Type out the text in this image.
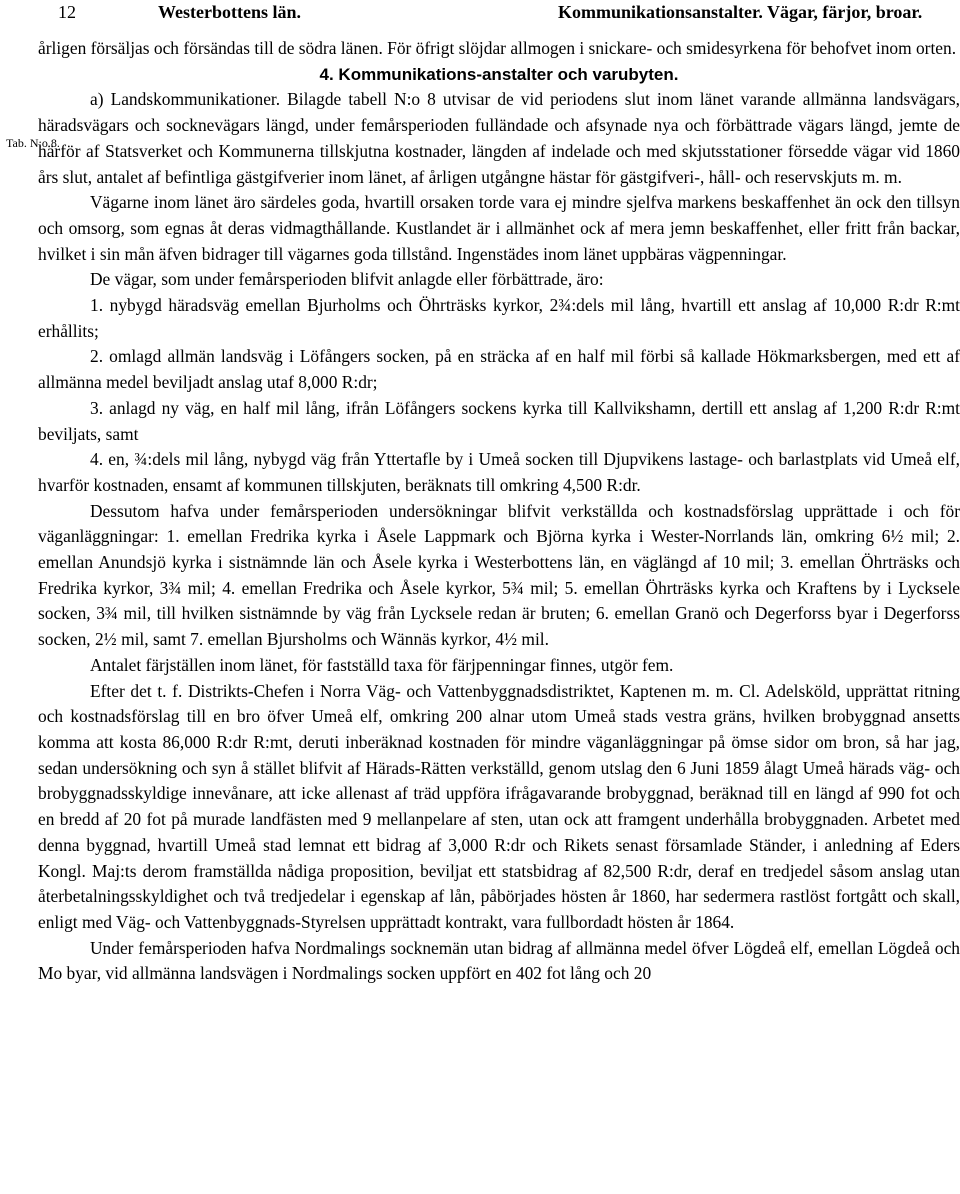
12	Westerbottens län.	Kommunikationsanstalter. Vägar, färjor, broar.
Tab. N:o 8.

årligen försäljas och försändas till de södra länen. För öfrigt slöjdar allmogen i snickare- och smidesyrkena för behofvet inom orten.

4. Kommunikations-anstalter och varubyten.

a) Landskommunikationer. Bilagde tabell N:o 8 utvisar de vid periodens slut inom länet varande allmänna landsvägars, häradsvägars och socknevägars längd, under femårsperioden fulländade och afsynade nya och förbättrade vägars längd, jemte de härför af Statsverket och Kommunerna tillskjutna kostnader, längden af indelade och med skjutsstationer försedde vägar vid 1860 års slut, antalet af befintliga gästgifverier inom länet, af årligen utgångne hästar för gästgifveri-, håll- och reservskjuts m. m.

Vägarne inom länet äro särdeles goda, hvartill orsaken torde vara ej mindre sjelfva markens beskaffenhet än ock den tillsyn och omsorg, som egnas åt deras vidmagthållande. Kustlandet är i allmänhet ock af mera jemn beskaffenhet, eller fritt från backar, hvilket i sin mån äfven bidrager till vägarnes goda tillstånd. Ingenstädes inom länet uppbäras vägpenningar.

De vägar, som under femårsperioden blifvit anlagde eller förbättrade, äro:

1. nybygd häradsväg emellan Bjurholms och Öhrträsks kyrkor, 2¾:dels mil lång, hvartill ett anslag af 10,000 R:dr R:mt erhållits;

2. omlagd allmän landsväg i Löfångers socken, på en sträcka af en half mil förbi så kallade Hökmarksbergen, med ett af allmänna medel beviljadt anslag utaf 8,000 R:dr;

3. anlagd ny väg, en half mil lång, ifrån Löfångers sockens kyrka till Kallvikshamn, dertill ett anslag af 1,200 R:dr R:mt beviljats, samt

4. en, ¾:dels mil lång, nybygd väg från Yttertafle by i Umeå socken till Djupvikens lastage- och barlastplats vid Umeå elf, hvarför kostnaden, ensamt af kommunen tillskjuten, beräknats till omkring 4,500 R:dr.

Dessutom hafva under femårsperioden undersökningar blifvit verkställda och kostnadsförslag upprättade i och för väganläggningar: 1. emellan Fredrika kyrka i Åsele Lappmark och Björna kyrka i Wester-Norrlands län, omkring 6½ mil; 2. emellan Anundsjö kyrka i sistnämnde län och Åsele kyrka i Westerbottens län, en väglängd af 10 mil; 3. emellan Öhrträsks och Fredrika kyrkor, 3¾ mil; 4. emellan Fredrika och Åsele kyrkor, 5¾ mil; 5. emellan Öhrträsks kyrka och Kraftens by i Lycksele socken, 3¾ mil, till hvilken sistnämnde by väg från Lycksele redan är bruten; 6. emellan Granö och Degerforss byar i Degerforss socken, 2½ mil, samt 7. emellan Bjursholms och Wännäs kyrkor, 4½ mil.

Antalet färjställen inom länet, för fastställd taxa för färjpenningar finnes, utgör fem.

Efter det t. f. Distrikts-Chefen i Norra Väg- och Vattenbyggnadsdistriktet, Kaptenen m. m. Cl. Adelsköld, upprättat ritning och kostnadsförslag till en bro öfver Umeå elf, omkring 200 alnar utom Umeå stads vestra gräns, hvilken brobyggnad ansetts komma att kosta 86,000 R:dr R:mt, deruti inberäknad kostnaden för mindre väganläggningar på ömse sidor om bron, så har jag, sedan undersökning och syn å stället blifvit af Härads-Rätten verkställd, genom utslag den 6 Juni 1859 ålagt Umeå härads väg- och brobyggnadsskyldige innevånare, att icke allenast af träd uppföra ifrågavarande brobyggnad, beräknad till en längd af 990 fot och en bredd af 20 fot på murade landfästen med 9 mellanpelare af sten, utan ock att framgent underhålla brobyggnaden. Arbetet med denna byggnad, hvartill Umeå stad lemnat ett bidrag af 3,000 R:dr och Rikets senast församlade Ständer, i anledning af Eders Kongl. Maj:ts derom framställda nådiga proposition, beviljat ett statsbidrag af 82,500 R:dr, deraf en tredjedel såsom anslag utan återbetalningsskyldighet och två tredjedelar i egenskap af lån, påbörjades hösten år 1860, har sedermera rastlöst fortgått och skall, enligt med Väg- och Vattenbyggnads-Styrelsen upprättadt kontrakt, vara fullbordadt hösten år 1864.

Under femårsperioden hafva Nordmalings socknemän utan bidrag af allmänna medel öfver Lögdeå elf, emellan Lögdeå och Mo byar, vid allmänna landsvägen i Nordmalings socken uppfört en 402 fot lång och 20
